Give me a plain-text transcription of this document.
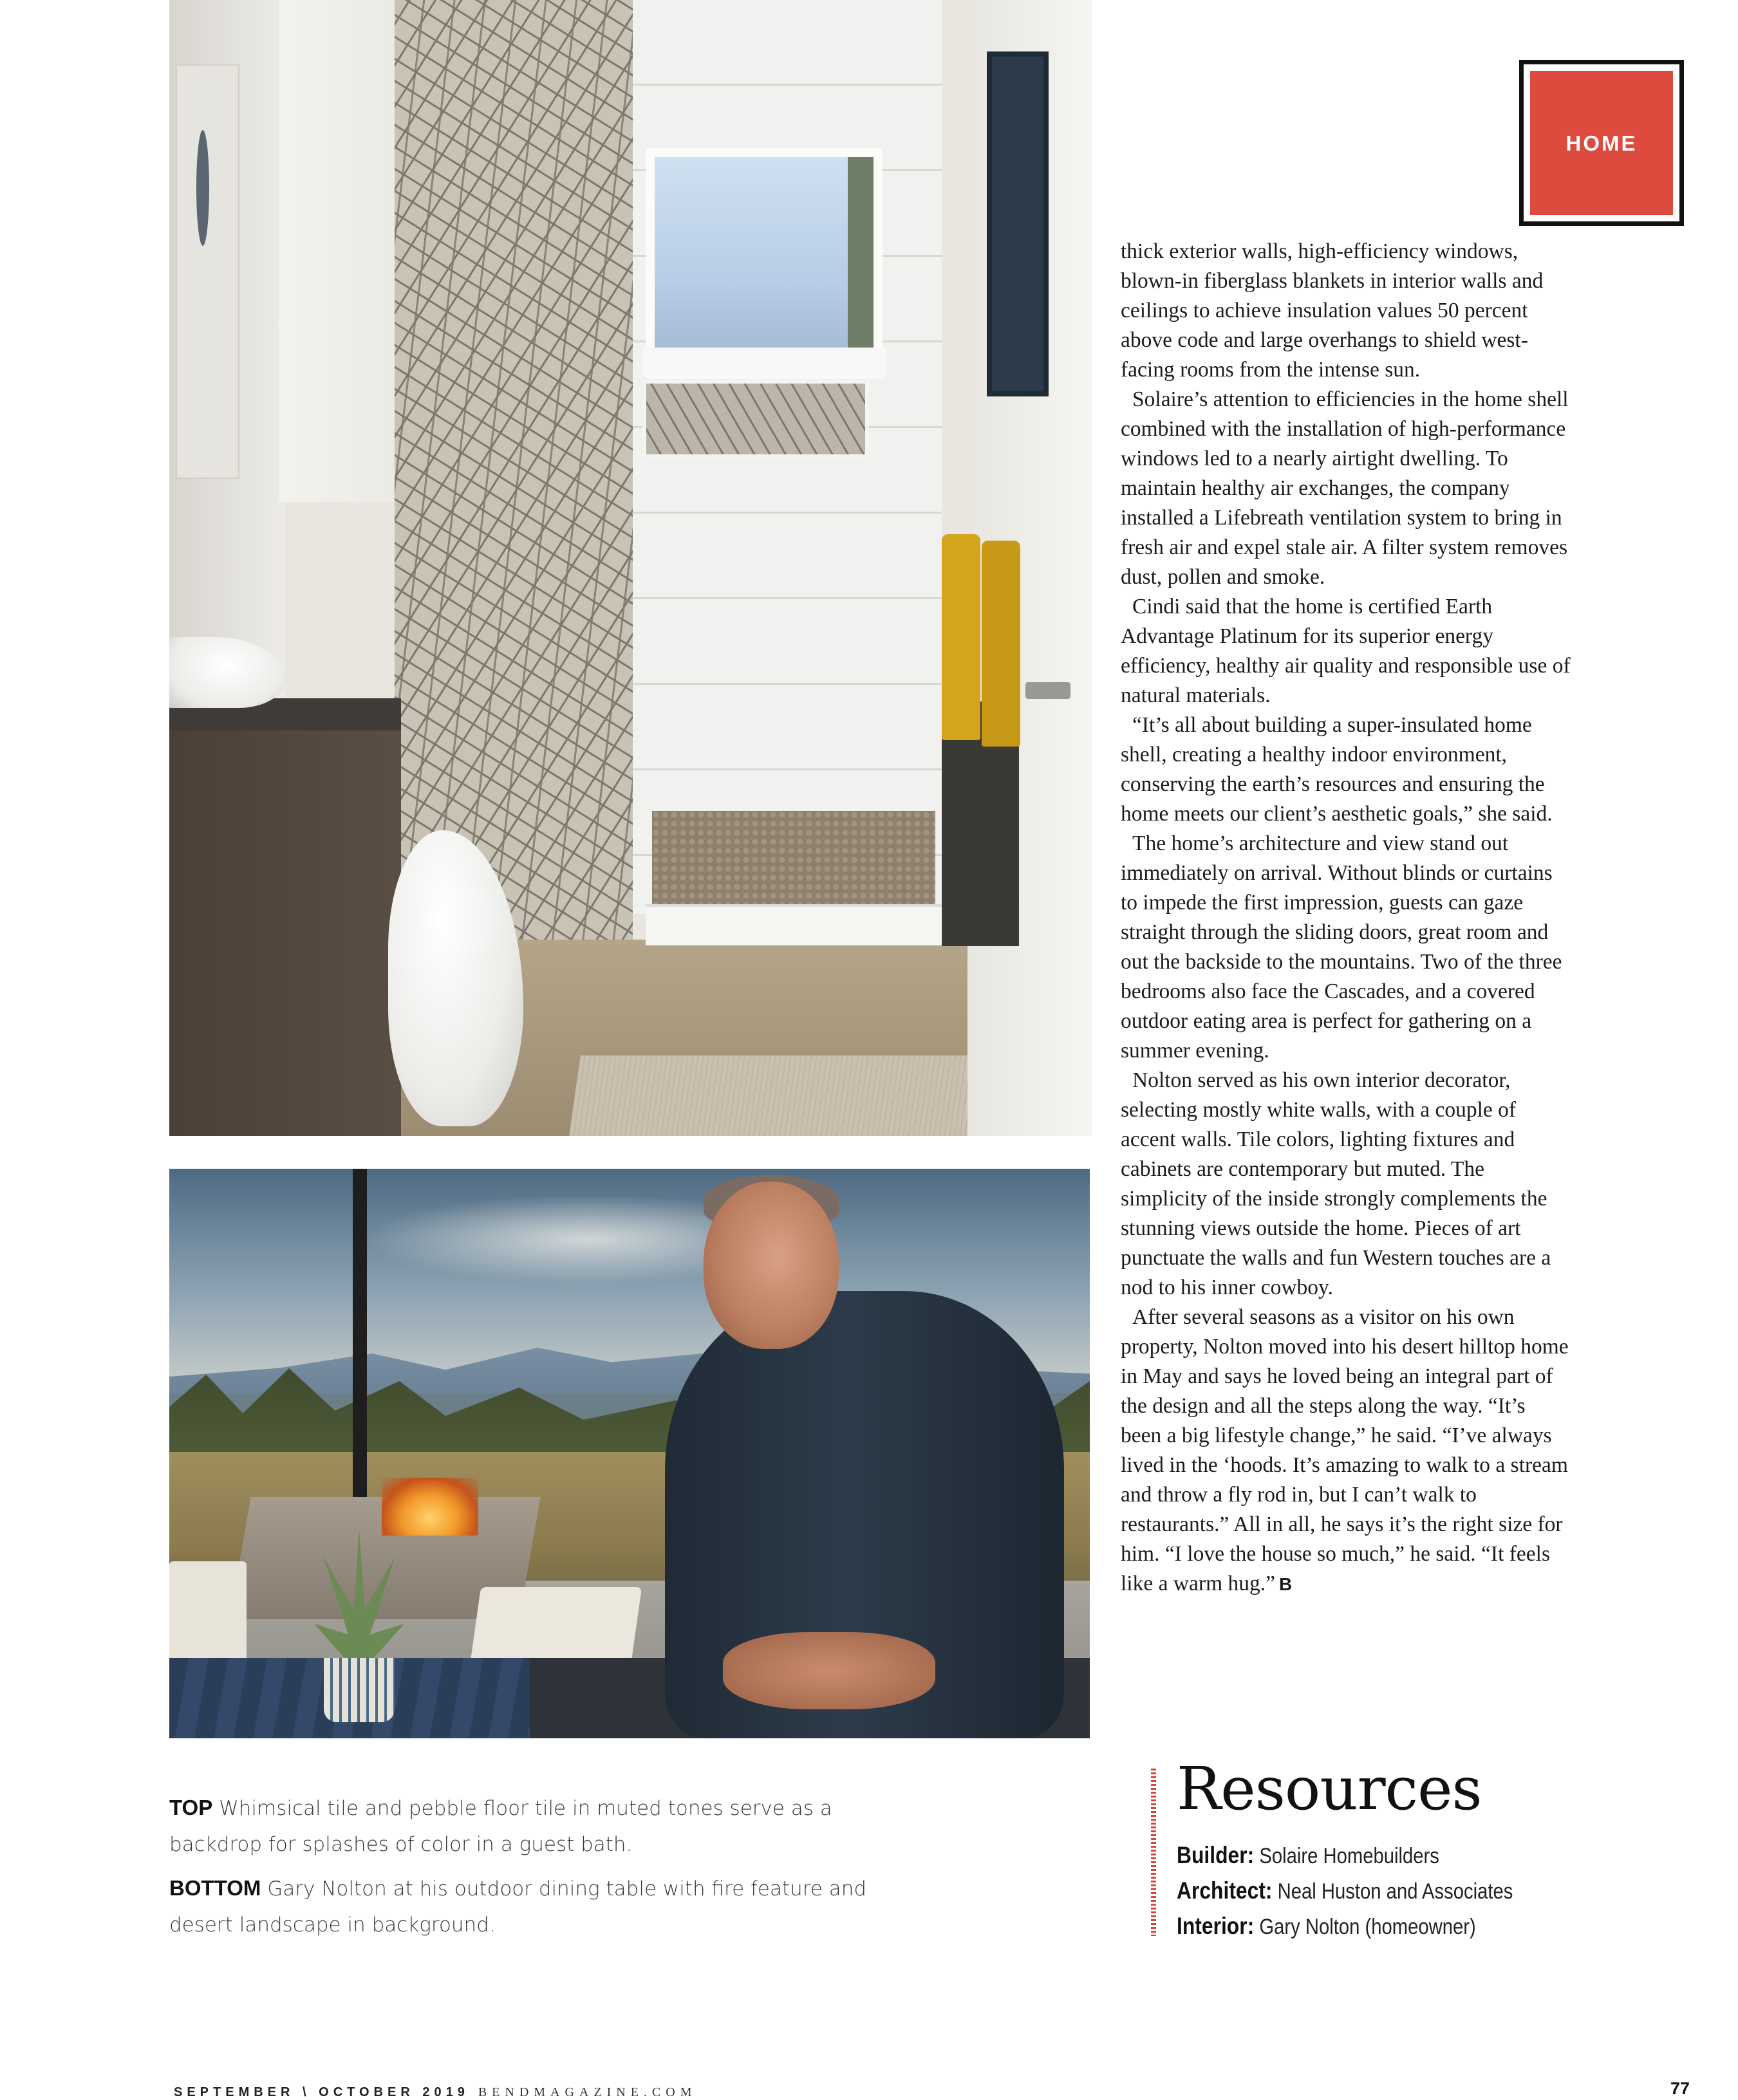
HOME

thick exterior walls, high-efficiency windows, blown-in fiberglass blankets in interior walls and ceilings to achieve insulation values 50 percent above code and large overhangs to shield west-facing rooms from the intense sun.

Solaire’s attention to efficiencies in the home shell combined with the installation of high-performance windows led to a nearly airtight dwelling. To maintain healthy air exchanges, the company installed a Lifebreath ventilation system to bring in fresh air and expel stale air. A filter system removes dust, pollen and smoke.

Cindi said that the home is certified Earth Advantage Platinum for its superior energy efficiency, healthy air quality and responsible use of natural materials.

“It’s all about building a super-insulated home shell, creating a healthy indoor environment, conserving the earth’s resources and ensuring the home meets our client’s aesthetic goals,” she said.

The home’s architecture and view stand out immediately on arrival. Without blinds or curtains to impede the first impression, guests can gaze straight through the sliding doors, great room and out the backside to the mountains. Two of the three bedrooms also face the Cascades, and a covered outdoor eating area is perfect for gathering on a summer evening.

Nolton served as his own interior decorator, selecting mostly white walls, with a couple of accent walls. Tile colors, lighting fixtures and cabinets are contemporary but muted. The simplicity of the inside strongly complements the stunning views outside the home. Pieces of art punctuate the walls and fun Western touches are a nod to his inner cowboy.

After several seasons as a visitor on his own property, Nolton moved into his desert hilltop home in May and says he loved being an integral part of the design and all the steps along the way. “It’s been a big lifestyle change,” he said. “I’ve always lived in the ‘hoods. It’s amazing to walk to a stream and throw a fly rod in, but I can’t walk to restaurants.” All in all, he says it’s the right size for him. “I love the house so much,” he said. “It feels like a warm hug.” B

TOP Whimsical tile and pebble floor tile in muted tones serve as a backdrop for splashes of color in a guest bath.

BOTTOM Gary Nolton at his outdoor dining table with fire feature and desert landscape in background.

Resources
Builder: Solaire Homebuilders
Architect: Neal Huston and Associates
Interior: Gary Nolton (homeowner)
SEPTEMBER \ OCTOBER 2019 BENDMAGAZINE.COM	77
